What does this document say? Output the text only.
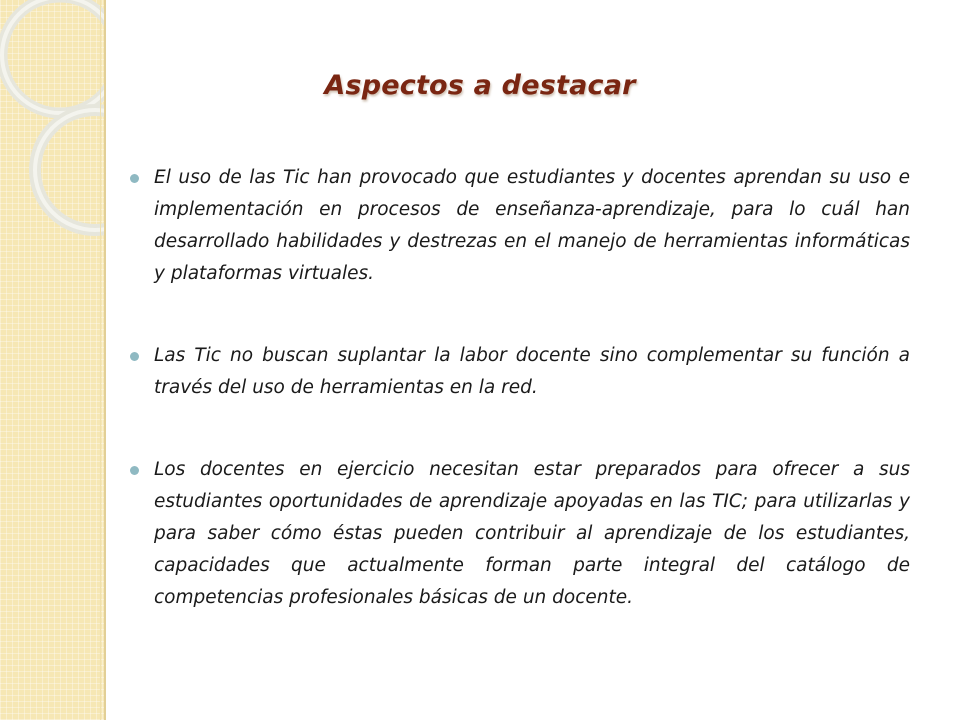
Aspectos a destacar
El uso de las Tic han provocado que estudiantes y docentes aprendan su uso e implementación en procesos de enseñanza-aprendizaje, para lo cuál han desarrollado habilidades y destrezas en el manejo de herramientas informáticas y plataformas virtuales.
Las Tic no buscan suplantar la labor docente sino complementar su función a través del uso de herramientas en la red.
Los docentes en ejercicio necesitan estar preparados para ofrecer a sus estudiantes oportunidades de aprendizaje apoyadas en las TIC; para utilizarlas y para saber cómo éstas pueden contribuir al aprendizaje de los estudiantes, capacidades que actualmente forman parte integral del catálogo de competencias profesionales básicas de un docente.
